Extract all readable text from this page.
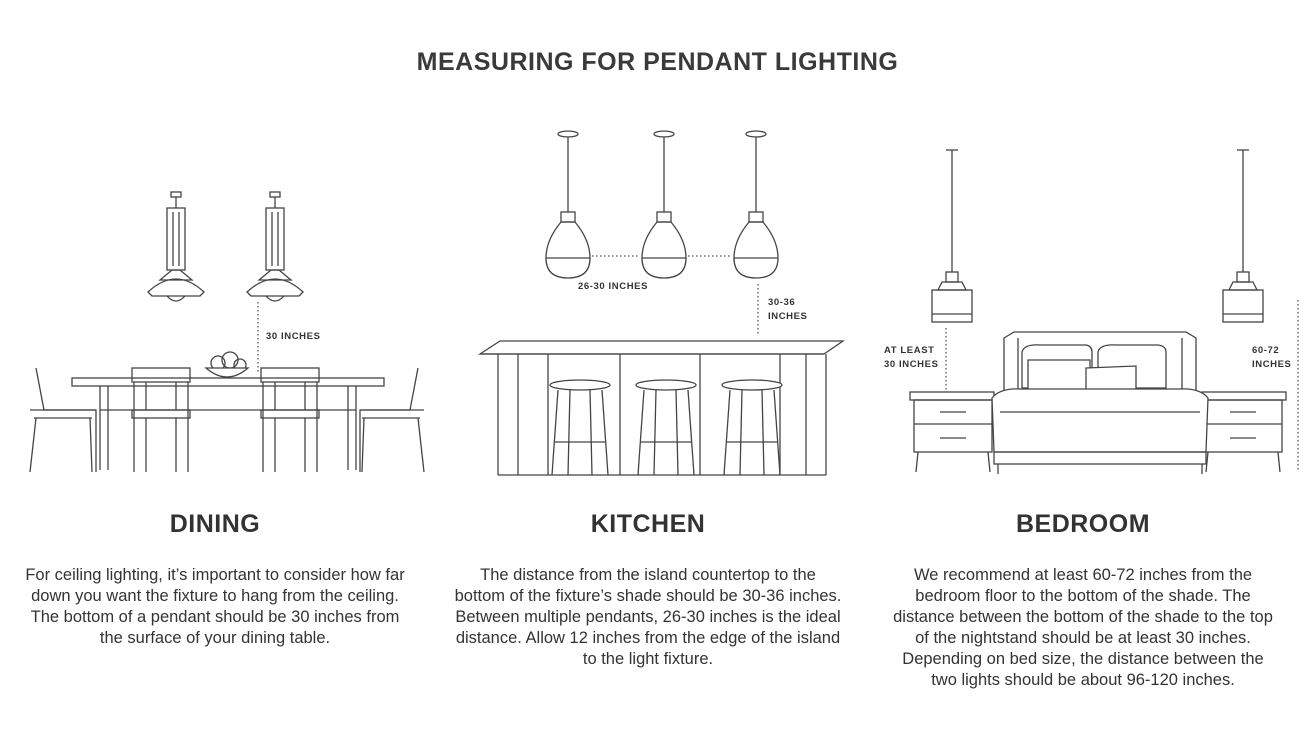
MEASURING FOR PENDANT LIGHTING
30 INCHES
26-30 INCHES
30-36
INCHES
AT LEAST
30 INCHES
60-72
INCHES
DINING
For ceiling lighting, it’s important to consider how far down you want the fixture to hang from the ceiling. The bottom of a pendant should be 30 inches from the surface of your dining table.
KITCHEN
The distance from the island countertop to the bottom of the fixture’s shade should be 30-36 inches. Between multiple pendants, 26-30 inches is the ideal distance. Allow 12 inches from the edge of the island to the light fixture.
BEDROOM
We recommend at least 60-72 inches from the bedroom floor to the bottom of the shade. The distance between the bottom of the shade to the top of the nightstand should be at least 30 inches. Depending on bed size, the distance between the two lights should be about 96-120 inches.
